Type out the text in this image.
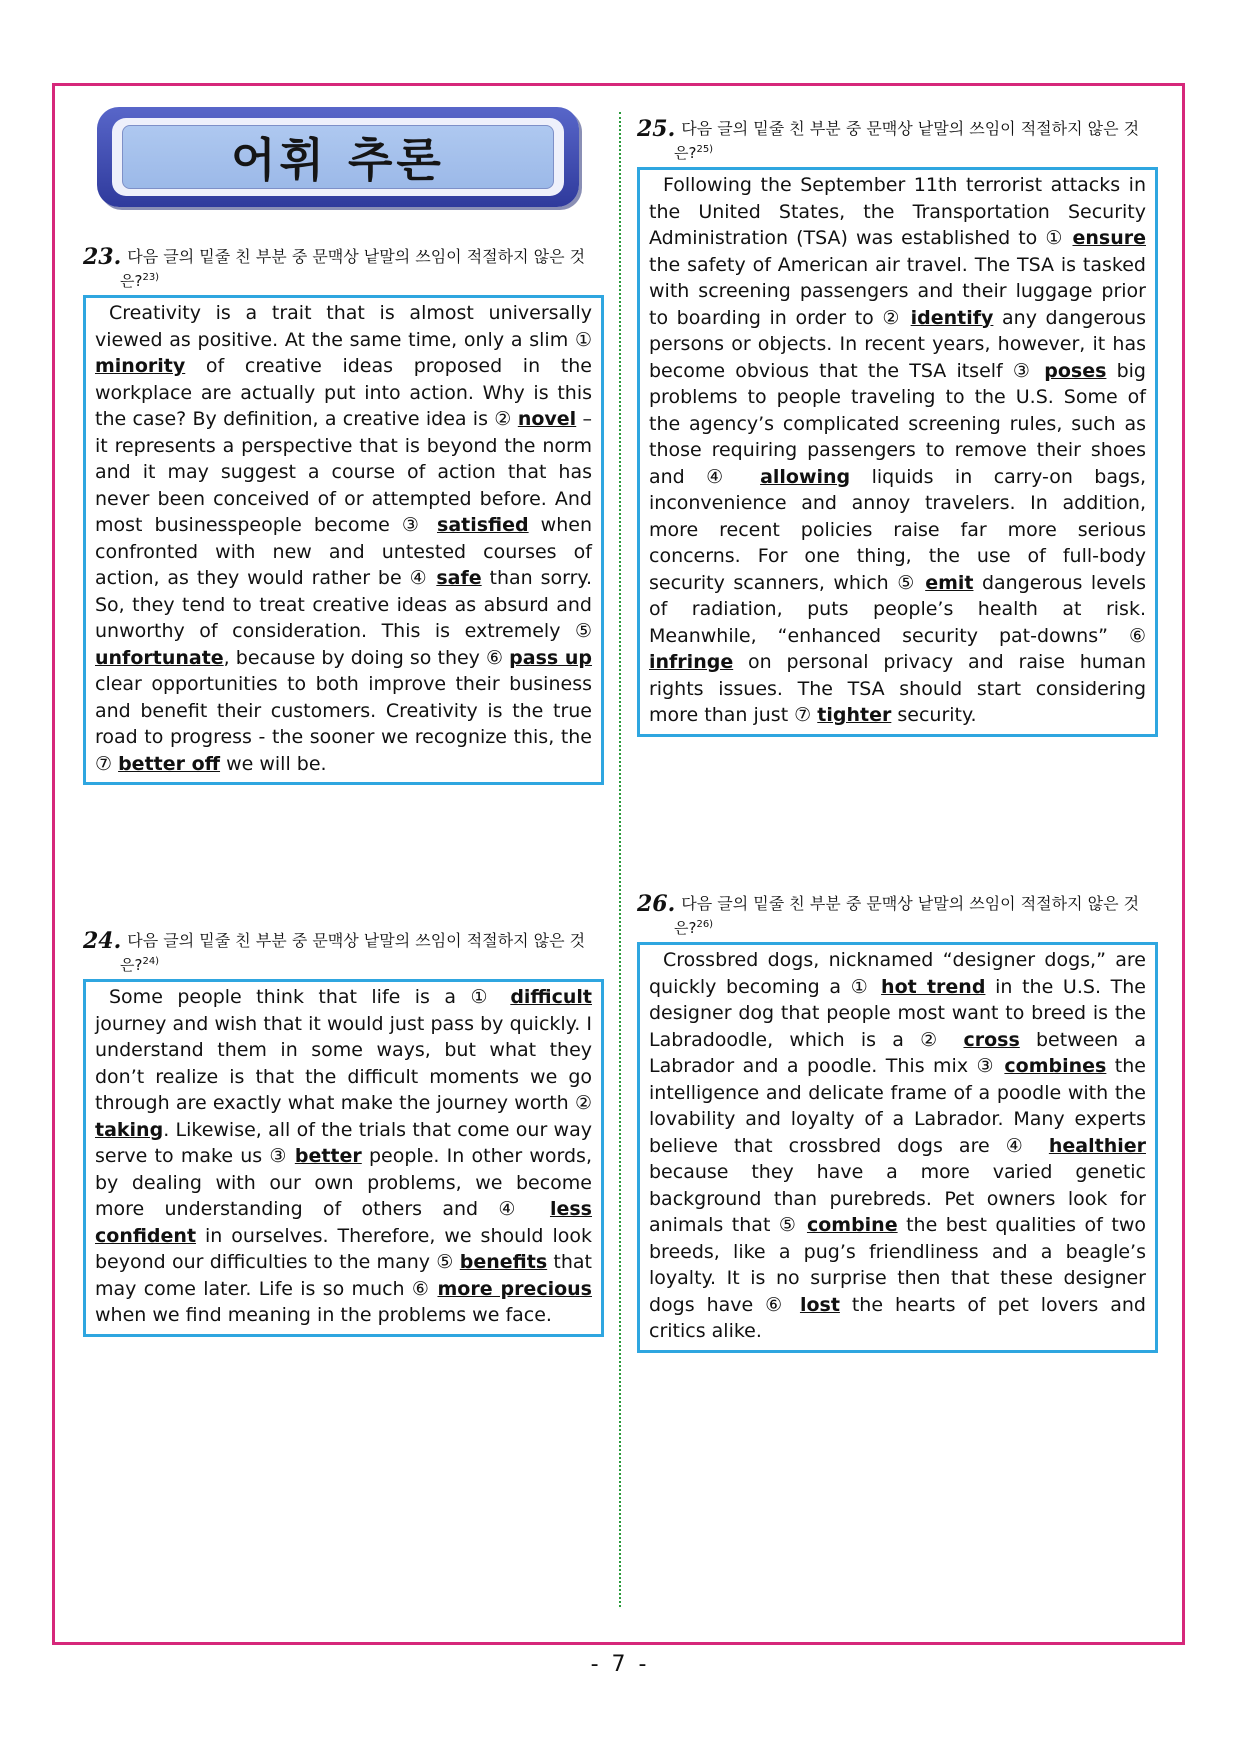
어휘 추론
23. 다음 글의 밑줄 친 부분 중 문맥상 낱말의 쓰임이 적절하지 않은 것
은?$^{23)}$
Creativity is a trait that is almost universally viewed as positive. At the same time, only a slim ① minority of creative ideas proposed in the workplace are actually put into action. Why is this the case? By definition, a creative idea is ② novel – it represents a perspective that is beyond the norm and it may suggest a course of action that has never been conceived of or attempted before. And most businesspeople become ③ satisfied when confronted with new and untested courses of action, as they would rather be ④ safe than sorry. So, they tend to treat creative ideas as absurd and unworthy of consideration. This is extremely ⑤ unfortunate, because by doing so they ⑥ pass up clear opportunities to both improve their business and benefit their customers. Creativity is the true road to progress - the sooner we recognize this, the ⑦ better off we will be.
24. 다음 글의 밑줄 친 부분 중 문맥상 낱말의 쓰임이 적절하지 않은 것
은?$^{24)}$
Some people think that life is a ① difficult journey and wish that it would just pass by quickly. I understand them in some ways, but what they don’t realize is that the difficult moments we go through are exactly what make the journey worth ② taking. Likewise, all of the trials that come our way serve to make us ③ better people. In other words, by dealing with our own problems, we become more understanding of others and ④ less confident in ourselves. Therefore, we should look beyond our difficulties to the many ⑤ benefits that may come later. Life is so much ⑥ more precious when we find meaning in the problems we face.
25. 다음 글의 밑줄 친 부분 중 문맥상 낱말의 쓰임이 적절하지 않은 것
은?$^{25)}$
Following the September 11th terrorist attacks in the United States, the Transportation Security Administration (TSA) was established to ① ensure the safety of American air travel. The TSA is tasked with screening passengers and their luggage prior to boarding in order to ② identify any dangerous persons or objects. In recent years, however, it has become obvious that the TSA itself ③ poses big problems to people traveling to the U.S. Some of the agency’s complicated screening rules, such as those requiring passengers to remove their shoes and ④ allowing liquids in carry-on bags, inconvenience and annoy travelers. In addition, more recent policies raise far more serious concerns. For one thing, the use of full-body security scanners, which ⑤ emit dangerous levels of radiation, puts people’s health at risk. Meanwhile, “enhanced security pat-downs” ⑥ infringe on personal privacy and raise human rights issues. The TSA should start considering more than just ⑦ tighter security.
26. 다음 글의 밑줄 친 부분 중 문맥상 낱말의 쓰임이 적절하지 않은 것
은?$^{26)}$
Crossbred dogs, nicknamed “designer dogs,” are quickly becoming a ① hot trend in the U.S. The designer dog that people most want to breed is the Labradoodle, which is a ② cross between a Labrador and a poodle. This mix ③ combines the intelligence and delicate frame of a poodle with the lovability and loyalty of a Labrador. Many experts believe that crossbred dogs are ④ healthier because they have a more varied genetic background than purebreds. Pet owners look for animals that ⑤ combine the best qualities of two breeds, like a pug’s friendliness and a beagle’s loyalty. It is no surprise then that these designer dogs have ⑥ lost the hearts of pet lovers and critics alike.
- 7 -
